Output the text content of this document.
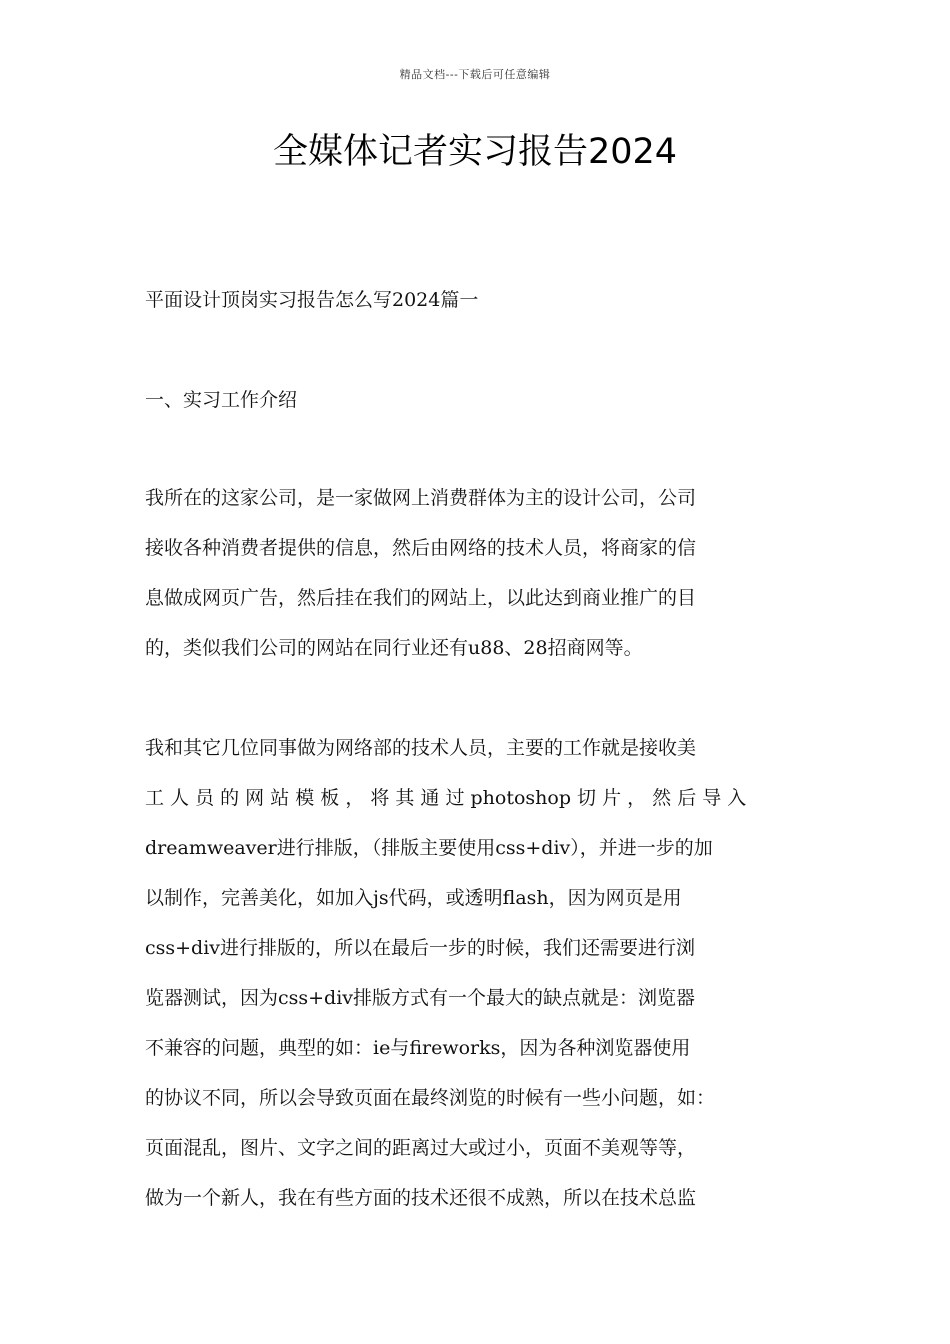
精品文档---下载后可任意编辑
全媒体记者实习报告2024
平面设计顶岗实习报告怎么写2024篇一
一、实习工作介绍
我所在的这家公司，是一家做网上消费群体为主的设计公司，公司
接收各种消费者提供的信息，然后由网络的技术人员，将商家的信
息做成网页广告，然后挂在我们的网站上，以此达到商业推广的目
的，类似我们公司的网站在同行业还有u88、28招商网等。
我和其它几位同事做为网络部的技术人员，主要的工作就是接收美
工 人 员 的 网 站 模 板 ， 将 其 通 过 photoshop 切 片 ， 然 后 导 入
dreamweaver进行排版，（排版主要使用css+div），并进一步的加
以制作，完善美化，如加入js代码，或透明flash，因为网页是用
css+div进行排版的，所以在最后一步的时候，我们还需要进行浏
览器测试，因为css+div排版方式有一个最大的缺点就是：浏览器
不兼容的问题，典型的如：ie与fireworks，因为各种浏览器使用
的协议不同，所以会导致页面在最终浏览的时候有一些小问题，如：
页面混乱，图片、文字之间的距离过大或过小，页面不美观等等，
做为一个新人，我在有些方面的技术还很不成熟，所以在技术总监
